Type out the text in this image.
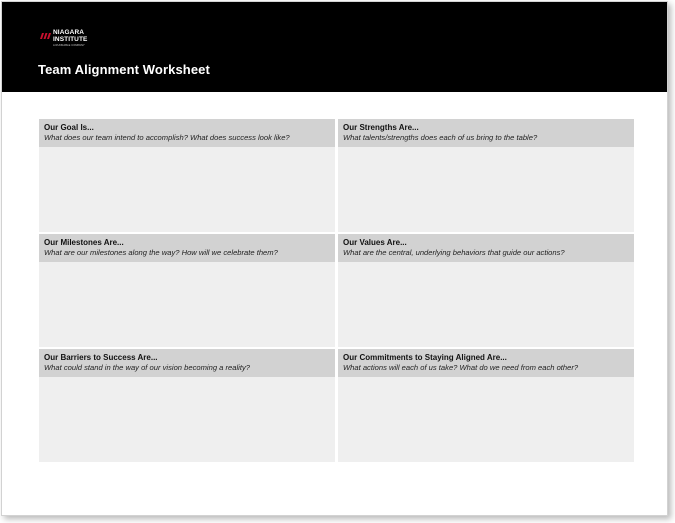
NIAGARA
INSTITUTE
A RUNNABLE COMPANY
Team Alignment Worksheet
Our Goal Is...
What does our team intend to accomplish? What does success look like?
Our Strengths Are...
What talents/strengths does each of us bring to the table?
Our Milestones Are...
What are our milestones along the way? How will we celebrate them?
Our Values Are...
What are the central, underlying behaviors that guide our actions?
Our Barriers to Success Are...
What could stand in the way of our vision becoming a reality?
Our Commitments to Staying Aligned Are...
What actions will each of us take? What do we need from each other?
